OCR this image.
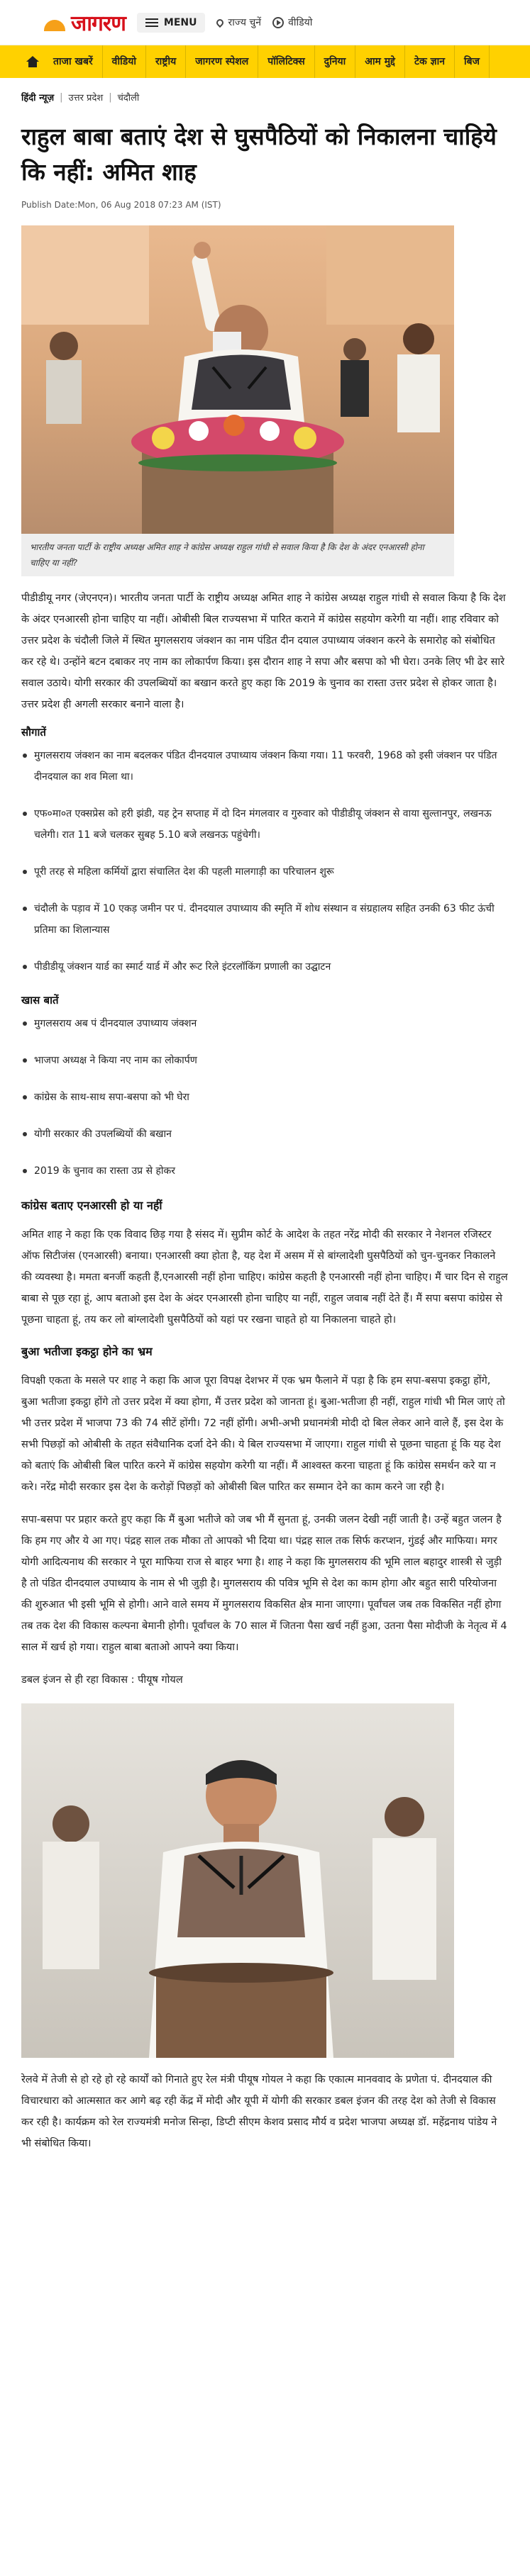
जागरण	MENU	राज्य चुनें	वीडियो
ताजा खबरें	वीडियो	राष्ट्रीय	जागरण स्पेशल	पॉलिटिक्स	दुनिया	आम मुद्दे	टेक ज्ञान	बिज
हिंदी न्यूज़ | उत्तर प्रदेश | चंदौली
राहुल बाबा बताएं देश से घुसपैठियों को निकालना चाहिये कि नहीं: अमित शाह
Publish Date:Mon, 06 Aug 2018 07:23 AM (IST)
भारतीय जनता पार्टी के राष्ट्रीय अध्यक्ष अमित शाह ने कांग्रेस अध्यक्ष राहुल गांधी से सवाल किया है कि देश के अंदर एनआरसी होना चाहिए या नहीं?

पीडीडीयू नगर (जेएनएन)। भारतीय जनता पार्टी के राष्ट्रीय अध्यक्ष अमित शाह ने कांग्रेस अध्यक्ष राहुल गांधी से सवाल किया है कि देश के अंदर एनआरसी होना चाहिए या नहीं। ओबीसी बिल राज्यसभा में पारित कराने में कांग्रेस सहयोग करेगी या नहीं। शाह रविवार को उत्तर प्रदेश के चंदौली जिले में स्थित मुगलसराय जंक्शन का नाम पंडित दीन दयाल उपाध्याय जंक्शन करने के समारोह को संबोधित कर रहे थे। उन्होंने बटन दबाकर नए नाम का लोकार्पण किया। इस दौरान शाह ने सपा और बसपा को भी घेरा। उनके लिए भी ढेर सारे सवाल उठाये। योगी सरकार की उपलब्धियों का बखान करते हुए कहा कि 2019 के चुनाव का रास्ता उत्तर प्रदेश से होकर जाता है। उत्तर प्रदेश ही अगली सरकार बनाने वाला है।

सौगातें
मुगलसराय जंक्शन का नाम बदलकर पंडित दीनदयाल उपाध्याय जंक्शन किया गया। 11 फरवरी, 1968 को इसी जंक्शन पर पंडित दीनदयाल का शव मिला था।
एफ०मा०त एक्सप्रेस को हरी झंडी, यह ट्रेन सप्ताह में दो दिन मंगलवार व गुरुवार को पीडीडीयू जंक्शन से वाया सुल्तानपुर, लखनऊ चलेगी। रात 11 बजे चलकर सुबह 5.10 बजे लखनऊ पहुंचेगी।
पूरी तरह से महिला कर्मियों द्वारा संचालित देश की पहली मालगाड़ी का परिचालन शुरू
चंदौली के पड़ाव में 10 एकड़ जमीन पर पं. दीनदयाल उपाध्याय की स्मृति में शोध संस्थान व संग्रहालय सहित उनकी 63 फीट ऊंची प्रतिमा का शिलान्यास
पीडीडीयू जंक्शन यार्ड का स्मार्ट यार्ड में और रूट रिले इंटरलॉकिंग प्रणाली का उद्घाटन
खास बातें
मुगलसराय अब पं दीनदयाल उपाध्याय जंक्शन
भाजपा अध्यक्ष ने किया नए नाम का लोकार्पण
कांग्रेस के साथ-साथ सपा-बसपा को भी घेरा
योगी सरकार की उपलब्धियों की बखान
2019 के चुनाव का रास्ता उप्र से होकर
कांग्रेस बताए एनआरसी हो या नहीं

अमित शाह ने कहा कि एक विवाद छिड़ गया है संसद में। सुप्रीम कोर्ट के आदेश के तहत नरेंद्र मोदी की सरकार ने नेशनल रजिस्टर ऑफ सिटीजंस (एनआरसी) बनाया। एनआरसी क्या होता है, यह देश में असम में से बांग्लादेशी घुसपैठियों को चुन-चुनकर निकालने की व्यवस्था है। ममता बनर्जी कहती हैं,एनआरसी नहीं होना चाहिए। कांग्रेस कहती है एनआरसी नहीं होना चाहिए। मैं चार दिन से राहुल बाबा से पूछ रहा हूं, आप बताओ इस देश के अंदर एनआरसी होना चाहिए या नहीं, राहुल जवाब नहीं देते हैं। मैं सपा बसपा कांग्रेस से पूछना चाहता हूं, तय कर लो बांग्लादेशी घुसपैठियों को यहां पर रखना चाहते हो या निकालना चाहते हो।

बुआ भतीजा इकट्ठा होने का भ्रम

विपक्षी एकता के मसले पर शाह ने कहा कि आज पूरा विपक्ष देशभर में एक भ्रम फैलाने में पड़ा है कि हम सपा-बसपा इकट्ठा होंगे, बुआ भतीजा इकट्ठा होंगे तो उत्तर प्रदेश में क्या होगा, मैं उत्तर प्रदेश को जानता हूं। बुआ-भतीजा ही नहीं, राहुल गांधी भी मिल जाएं तो भी उत्तर प्रदेश में भाजपा 73 की 74 सीटें होंगी। 72 नहीं होंगी। अभी-अभी प्रधानमंत्री मोदी दो बिल लेकर आने वाले हैं, इस देश के सभी पिछड़ों को ओबीसी के तहत संवैधानिक दर्जा देने की। ये बिल राज्यसभा में जाएगा। राहुल गांधी से पूछना चाहता हूं कि यह देश को बताएं कि ओबीसी बिल पारित करने में कांग्रेस सहयोग करेगी या नहीं। मैं आश्वस्त करना चाहता हूं कि कांग्रेस समर्थन करे या न करे। नरेंद्र मोदी सरकार इस देश के करोड़ों पिछड़ों को ओबीसी बिल पारित कर सम्मान देने का काम करने जा रही है।

सपा-बसपा पर प्रहार करते हुए कहा कि मैं बुआ भतीजे को जब भी मैं सुनता हूं, उनकी जलन देखी नहीं जाती है। उन्हें बहुत जलन है कि हम गए और ये आ गए। पंद्रह साल तक मौका तो आपको भी दिया था। पंद्रह साल तक सिर्फ करप्शन, गुंडई और माफिया। मगर योगी आदित्यनाथ की सरकार ने पूरा माफिया राज से बाहर भगा है। शाह ने कहा कि मुगलसराय की भूमि लाल बहादुर शास्त्री से जुड़ी है तो पंडित दीनदयाल उपाध्याय के नाम से भी जुड़ी है। मुगलसराय की पवित्र भूमि से देश का काम होगा और बहुत सारी परियोजना की शुरुआत भी इसी भूमि से होगी। आने वाले समय में मुगलसराय विकसित क्षेत्र माना जाएगा। पूर्वांचल जब तक विकसित नहीं होगा तब तक देश की विकास कल्पना बेमानी होगी। पूर्वांचल के 70 साल में जितना पैसा खर्च नहीं हुआ, उतना पैसा मोदीजी के नेतृत्व में 4 साल में खर्च हो गया। राहुल बाबा बताओ आपने क्या किया।

डबल इंजन से ही रहा विकास : पीयूष गोयल

रेलवे में तेजी से हो रहे हो रहे कार्यों को गिनाते हुए रेल मंत्री पीयूष गोयल ने कहा कि एकात्म मानववाद के प्रणेता पं. दीनदयाल की विचारधारा को आत्मसात कर आगे बढ़ रही केंद्र में मोदी और यूपी में योगी की सरकार डबल इंजन की तरह देश को तेजी से विकास कर रही है। कार्यक्रम को रेल राज्यमंत्री मनोज सिन्हा, डिप्टी सीएम केशव प्रसाद मौर्य व प्रदेश भाजपा अध्यक्ष डॉ. महेंद्रनाथ पांडेय ने भी संबोधित किया।
